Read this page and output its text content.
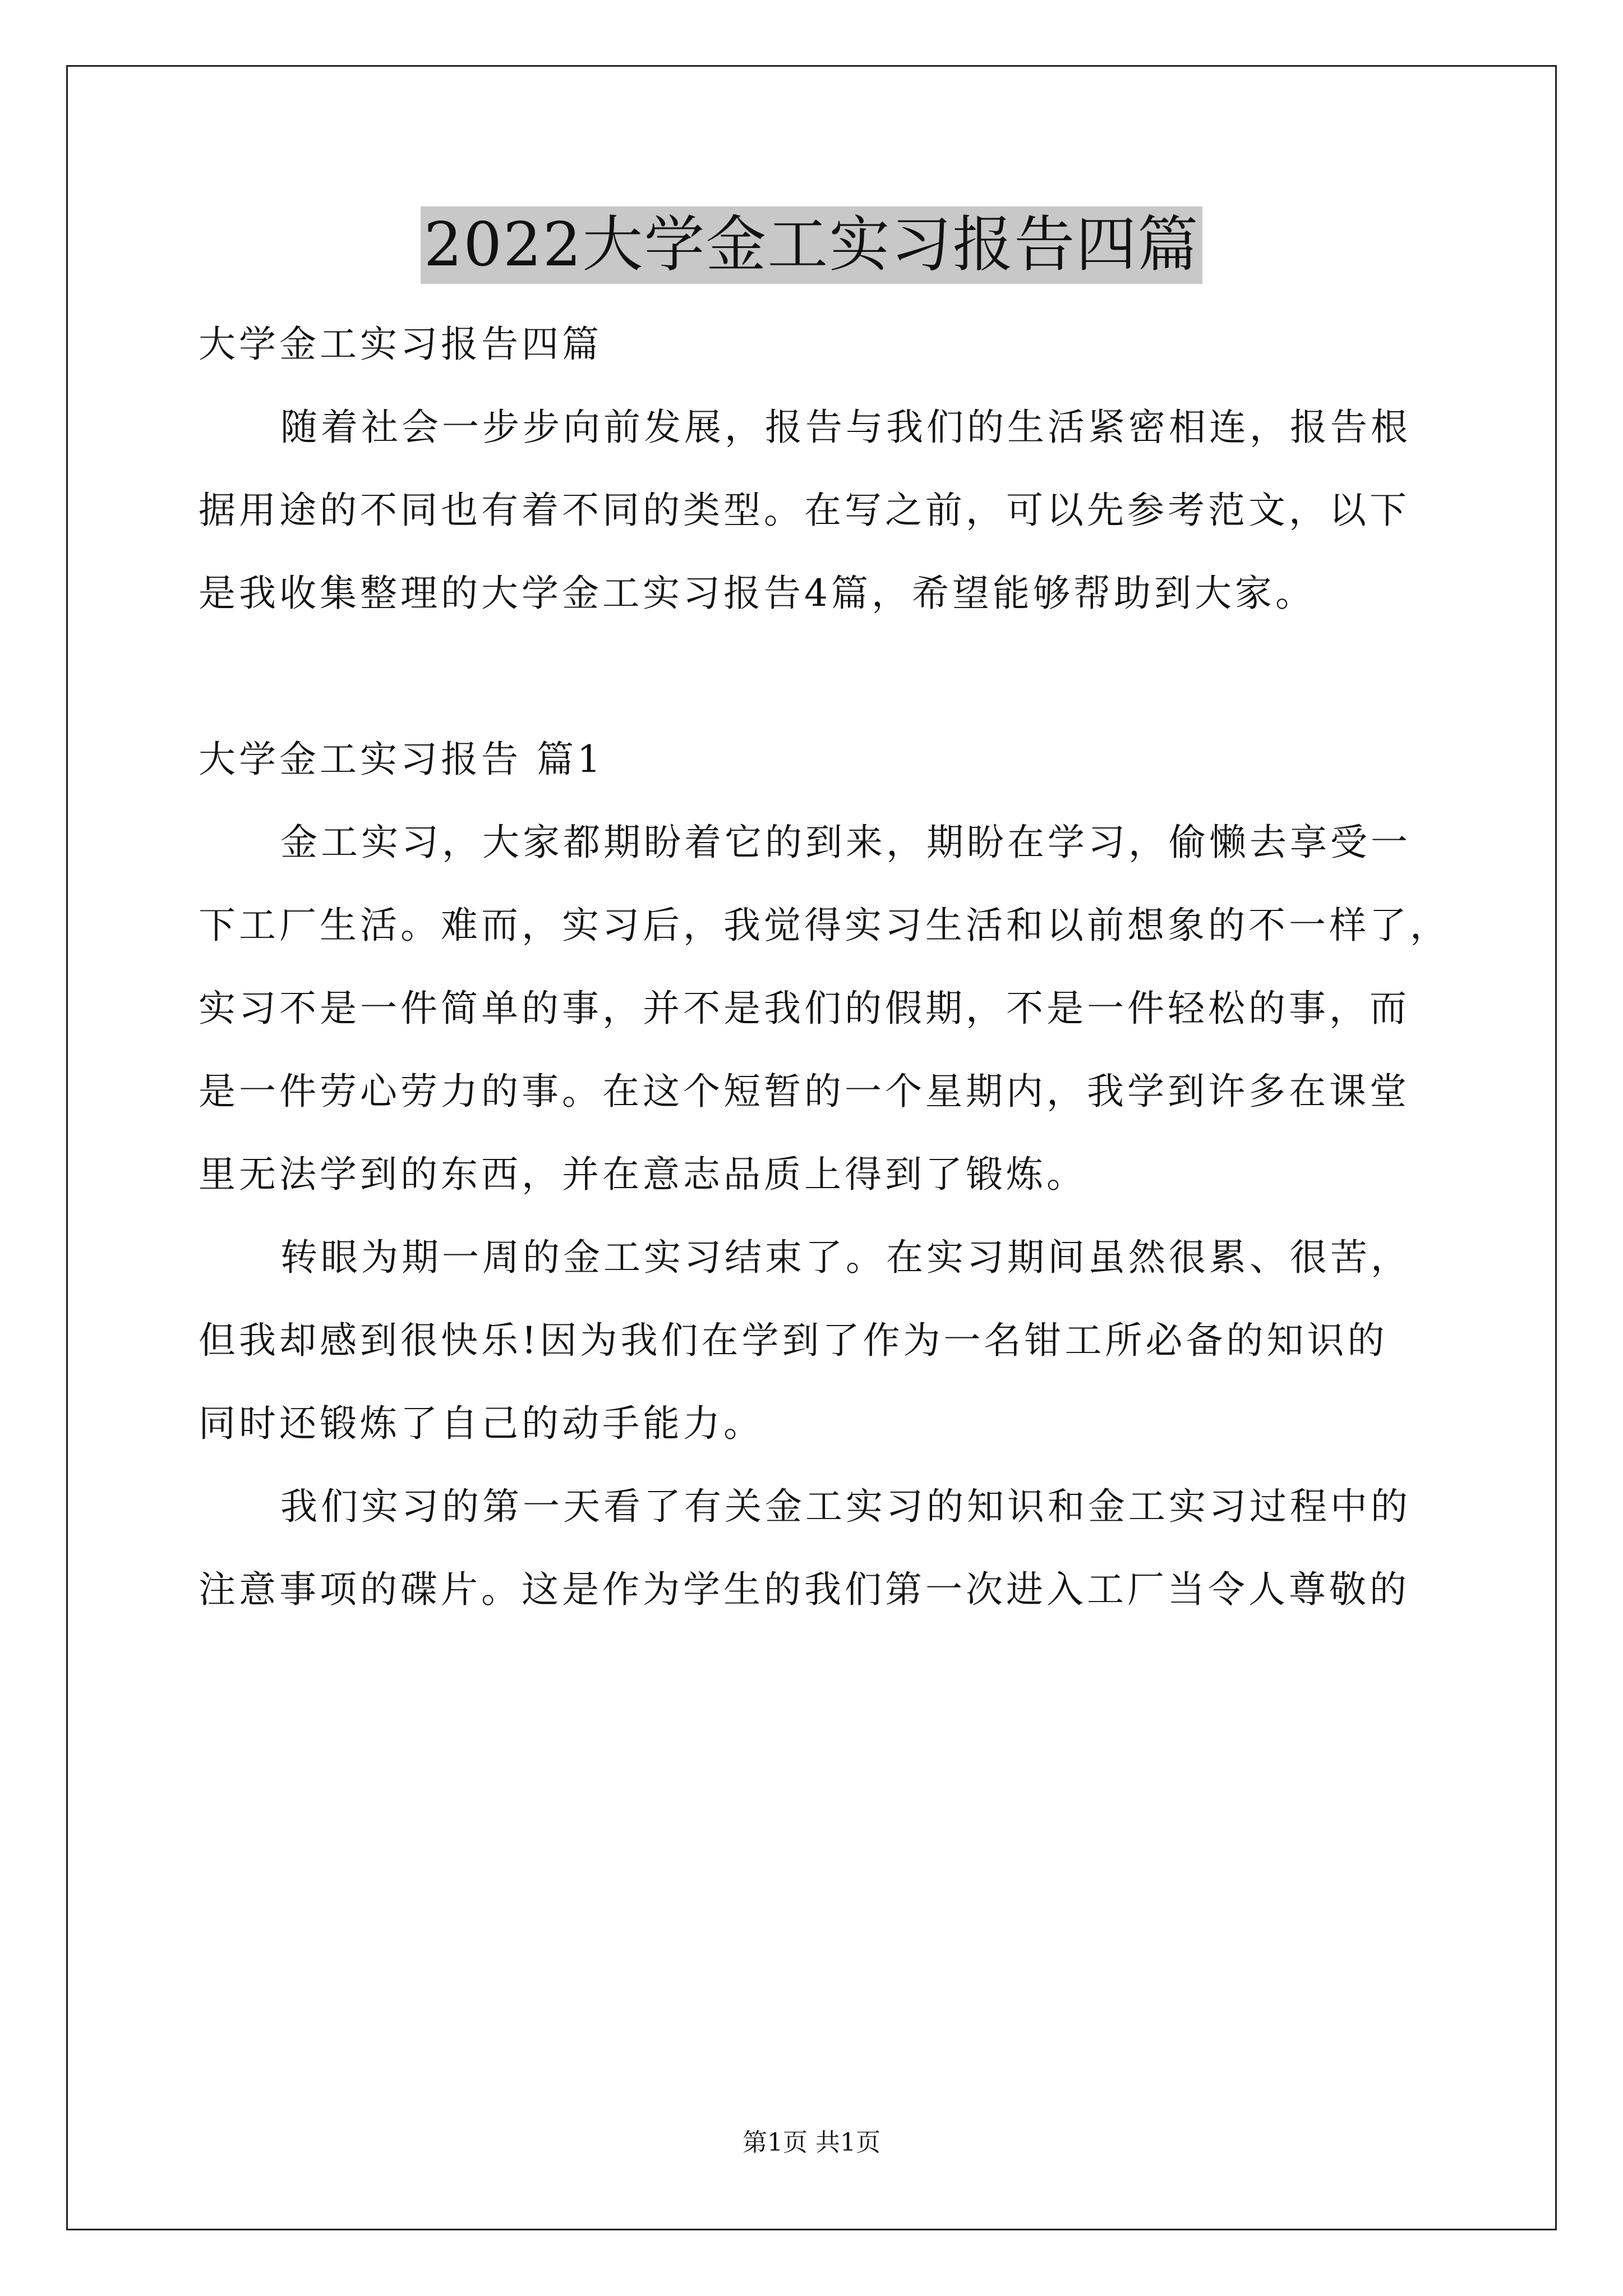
2022大学金工实习报告四篇
大学金工实习报告四篇
随着社会一步步向前发展，报告与我们的生活紧密相连，报告根
据用途的不同也有着不同的类型。在写之前，可以先参考范文，以下
是我收集整理的大学金工实习报告4篇，希望能够帮助到大家。
大学金工实习报告 篇1
金工实习，大家都期盼着它的到来，期盼在学习，偷懒去享受一
下工厂生活。难而，实习后，我觉得实习生活和以前想象的不一样了，
实习不是一件简单的事，并不是我们的假期，不是一件轻松的事，而
是一件劳心劳力的事。在这个短暂的一个星期内，我学到许多在课堂
里无法学到的东西，并在意志品质上得到了锻炼。
转眼为期一周的金工实习结束了。在实习期间虽然很累、很苦，
但我却感到很快乐!因为我们在学到了作为一名钳工所必备的知识的
同时还锻炼了自己的动手能力。
我们实习的第一天看了有关金工实习的知识和金工实习过程中的
注意事项的碟片。这是作为学生的我们第一次进入工厂当令人尊敬的
第1页 共1页
